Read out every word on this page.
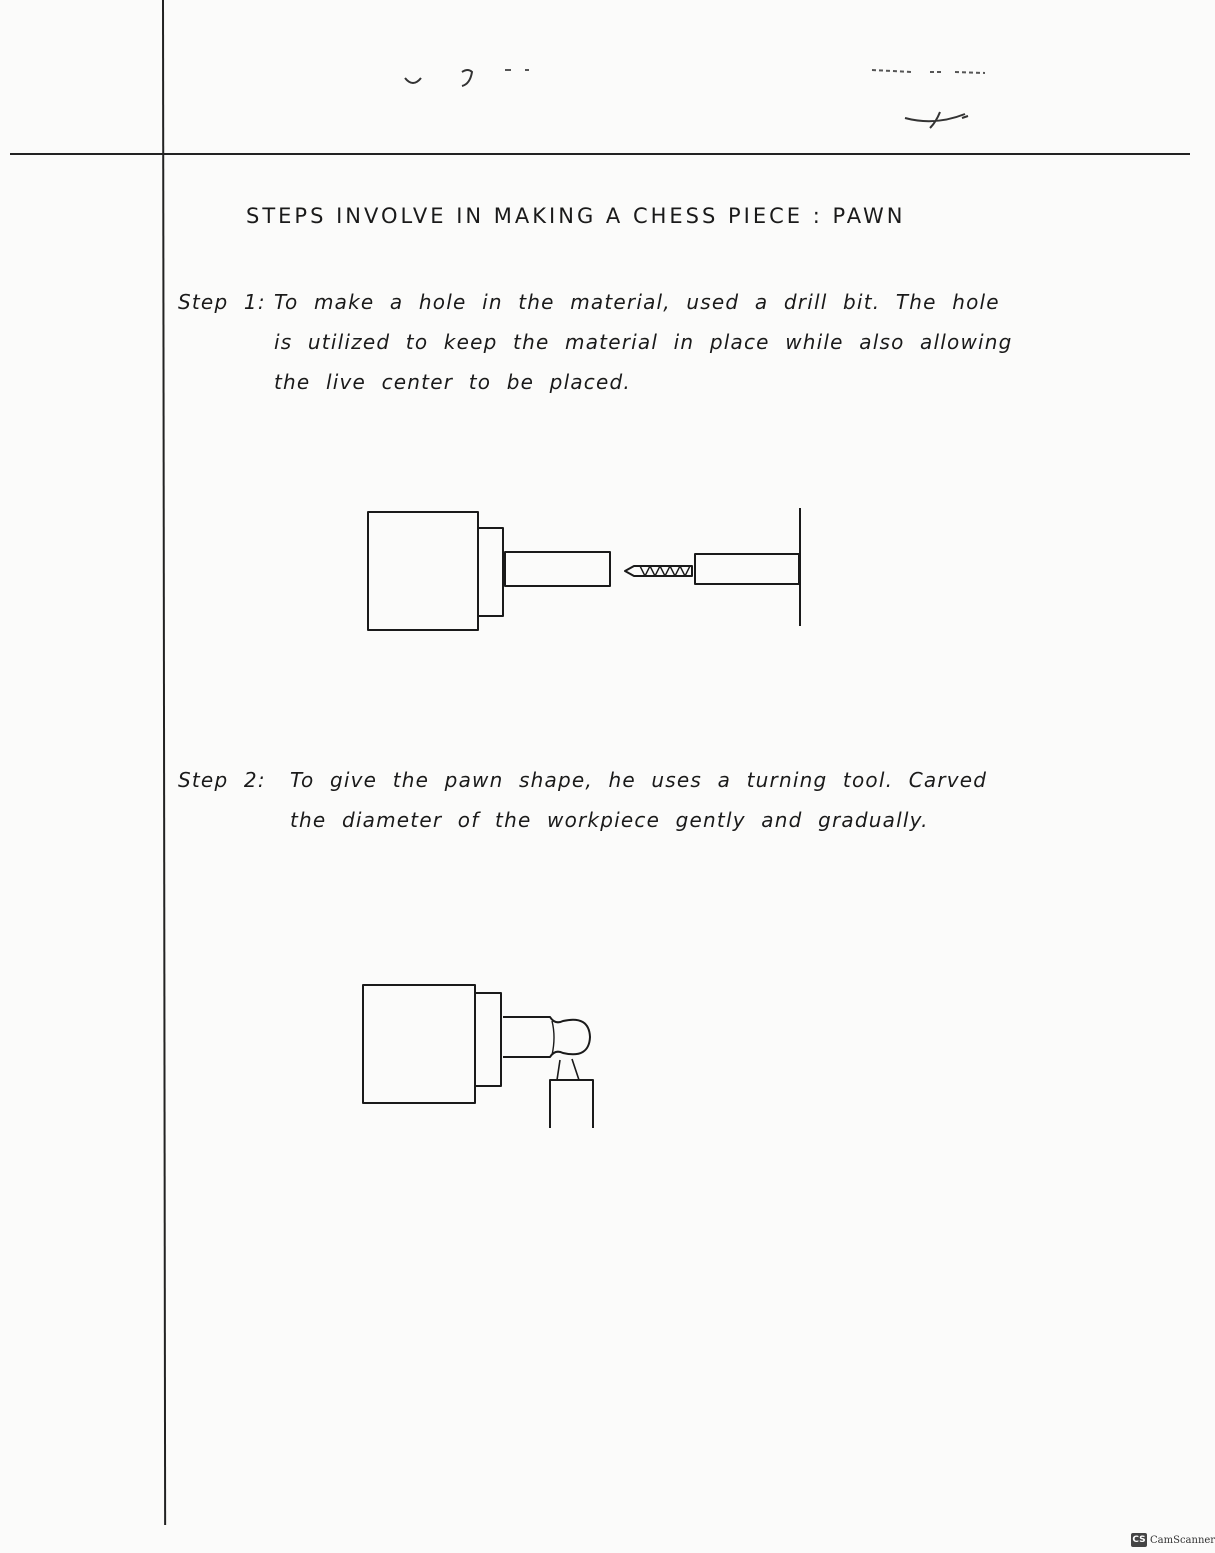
STEPS INVOLVE IN MAKING A CHESS PIECE : PAWN
Step 1: To make a hole in the material, used a drill bit. The hole
is utilized to keep the material in place while also allowing
the live center to be placed.
Step 2: To give the pawn shape, he uses a turning tool. Carved
the diameter of the workpiece gently and gradually.
CS CamScanner
